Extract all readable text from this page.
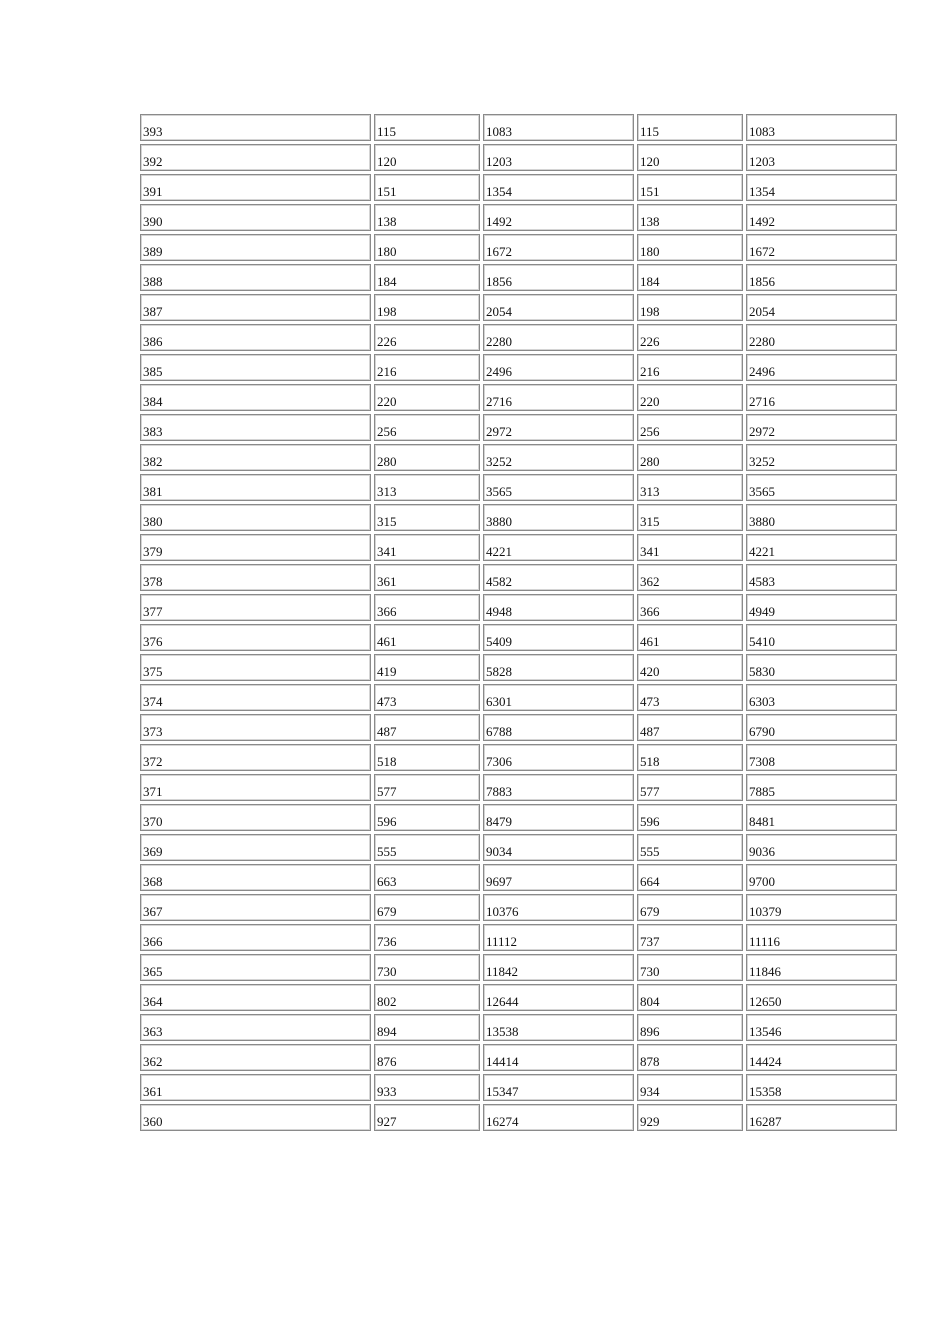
393	115	1083	115	1083
392	120	1203	120	1203
391	151	1354	151	1354
390	138	1492	138	1492
389	180	1672	180	1672
388	184	1856	184	1856
387	198	2054	198	2054
386	226	2280	226	2280
385	216	2496	216	2496
384	220	2716	220	2716
383	256	2972	256	2972
382	280	3252	280	3252
381	313	3565	313	3565
380	315	3880	315	3880
379	341	4221	341	4221
378	361	4582	362	4583
377	366	4948	366	4949
376	461	5409	461	5410
375	419	5828	420	5830
374	473	6301	473	6303
373	487	6788	487	6790
372	518	7306	518	7308
371	577	7883	577	7885
370	596	8479	596	8481
369	555	9034	555	9036
368	663	9697	664	9700
367	679	10376	679	10379
366	736	11112	737	11116
365	730	11842	730	11846
364	802	12644	804	12650
363	894	13538	896	13546
362	876	14414	878	14424
361	933	15347	934	15358
360	927	16274	929	16287
